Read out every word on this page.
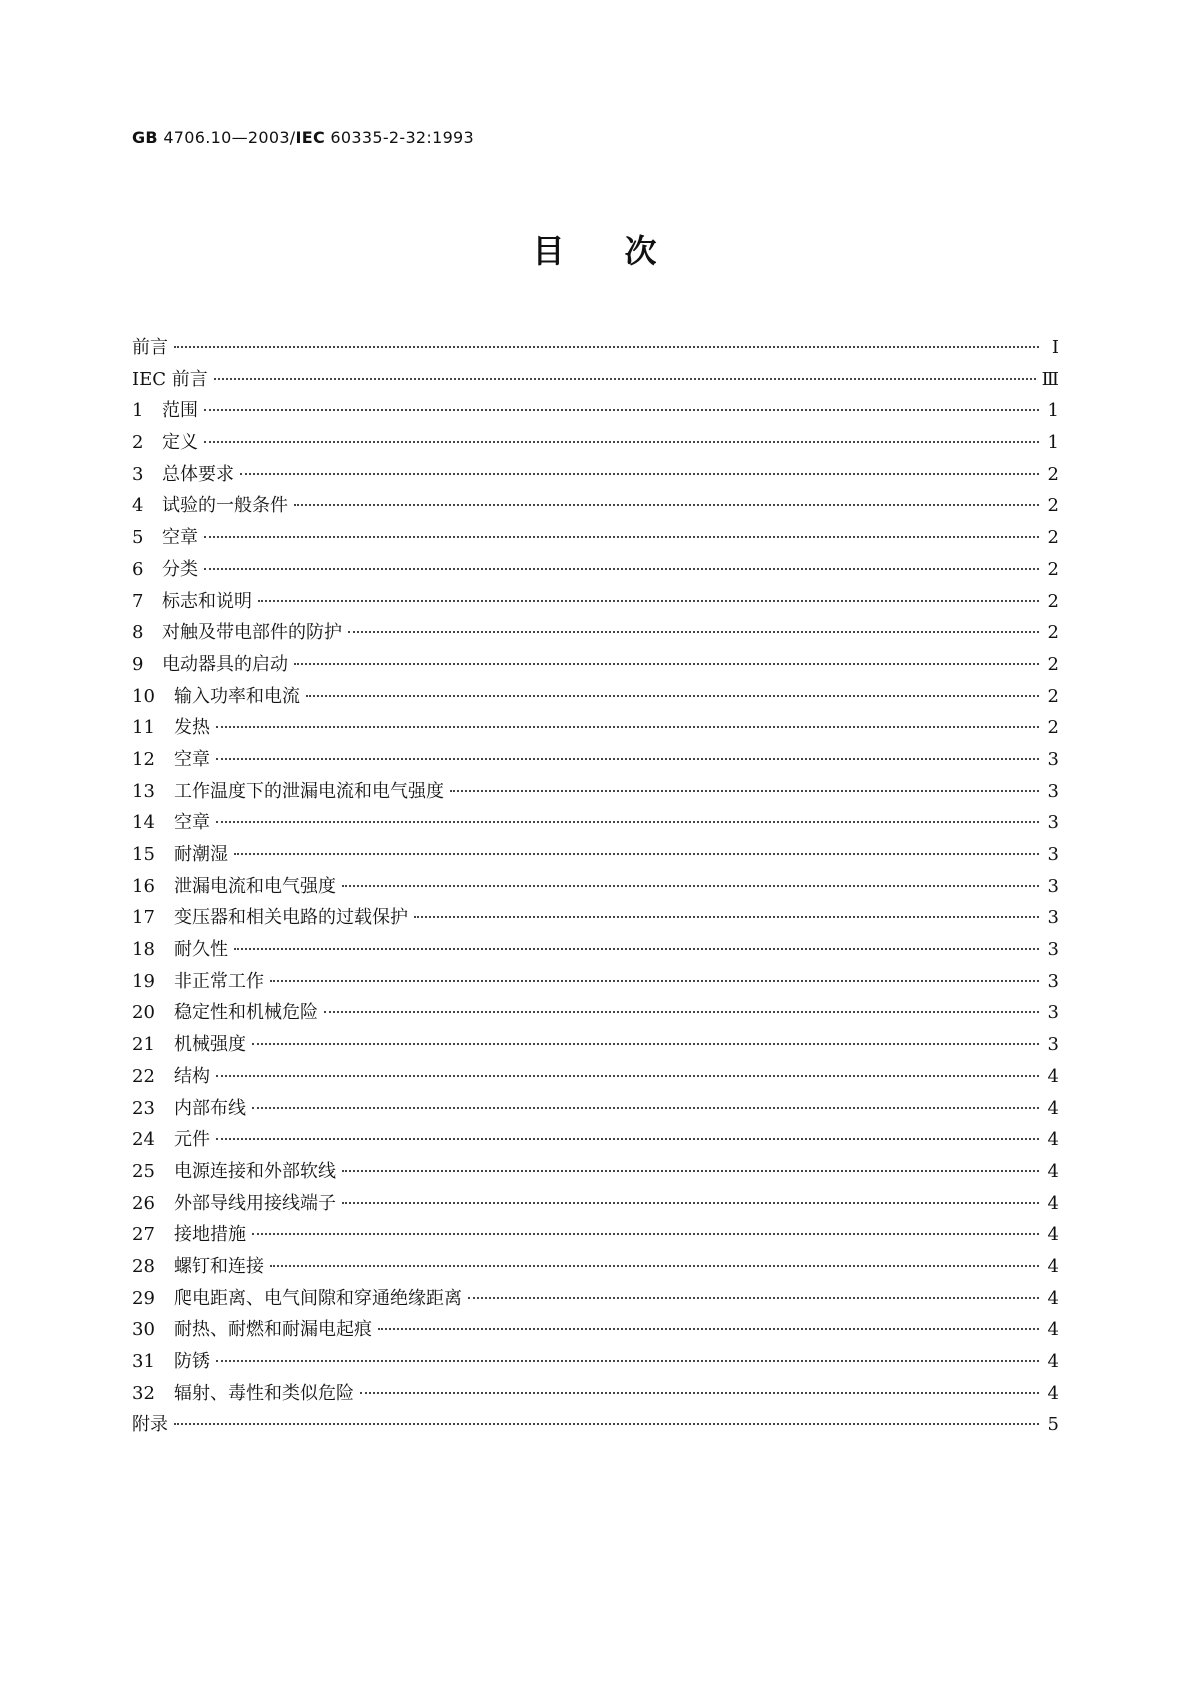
GB 4706.10—2003/IEC 60335-2-32:1993
目 次
前言	I
IEC 前言	Ⅲ
1	范围	1
2	定义	1
3	总体要求	2
4	试验的一般条件	2
5	空章	2
6	分类	2
7	标志和说明	2
8	对触及带电部件的防护	2
9	电动器具的启动	2
10	输入功率和电流	2
11	发热	2
12	空章	3
13	工作温度下的泄漏电流和电气强度	3
14	空章	3
15	耐潮湿	3
16	泄漏电流和电气强度	3
17	变压器和相关电路的过载保护	3
18	耐久性	3
19	非正常工作	3
20	稳定性和机械危险	3
21	机械强度	3
22	结构	4
23	内部布线	4
24	元件	4
25	电源连接和外部软线	4
26	外部导线用接线端子	4
27	接地措施	4
28	螺钉和连接	4
29	爬电距离、电气间隙和穿通绝缘距离	4
30	耐热、耐燃和耐漏电起痕	4
31	防锈	4
32	辐射、毒性和类似危险	4
附录	5
